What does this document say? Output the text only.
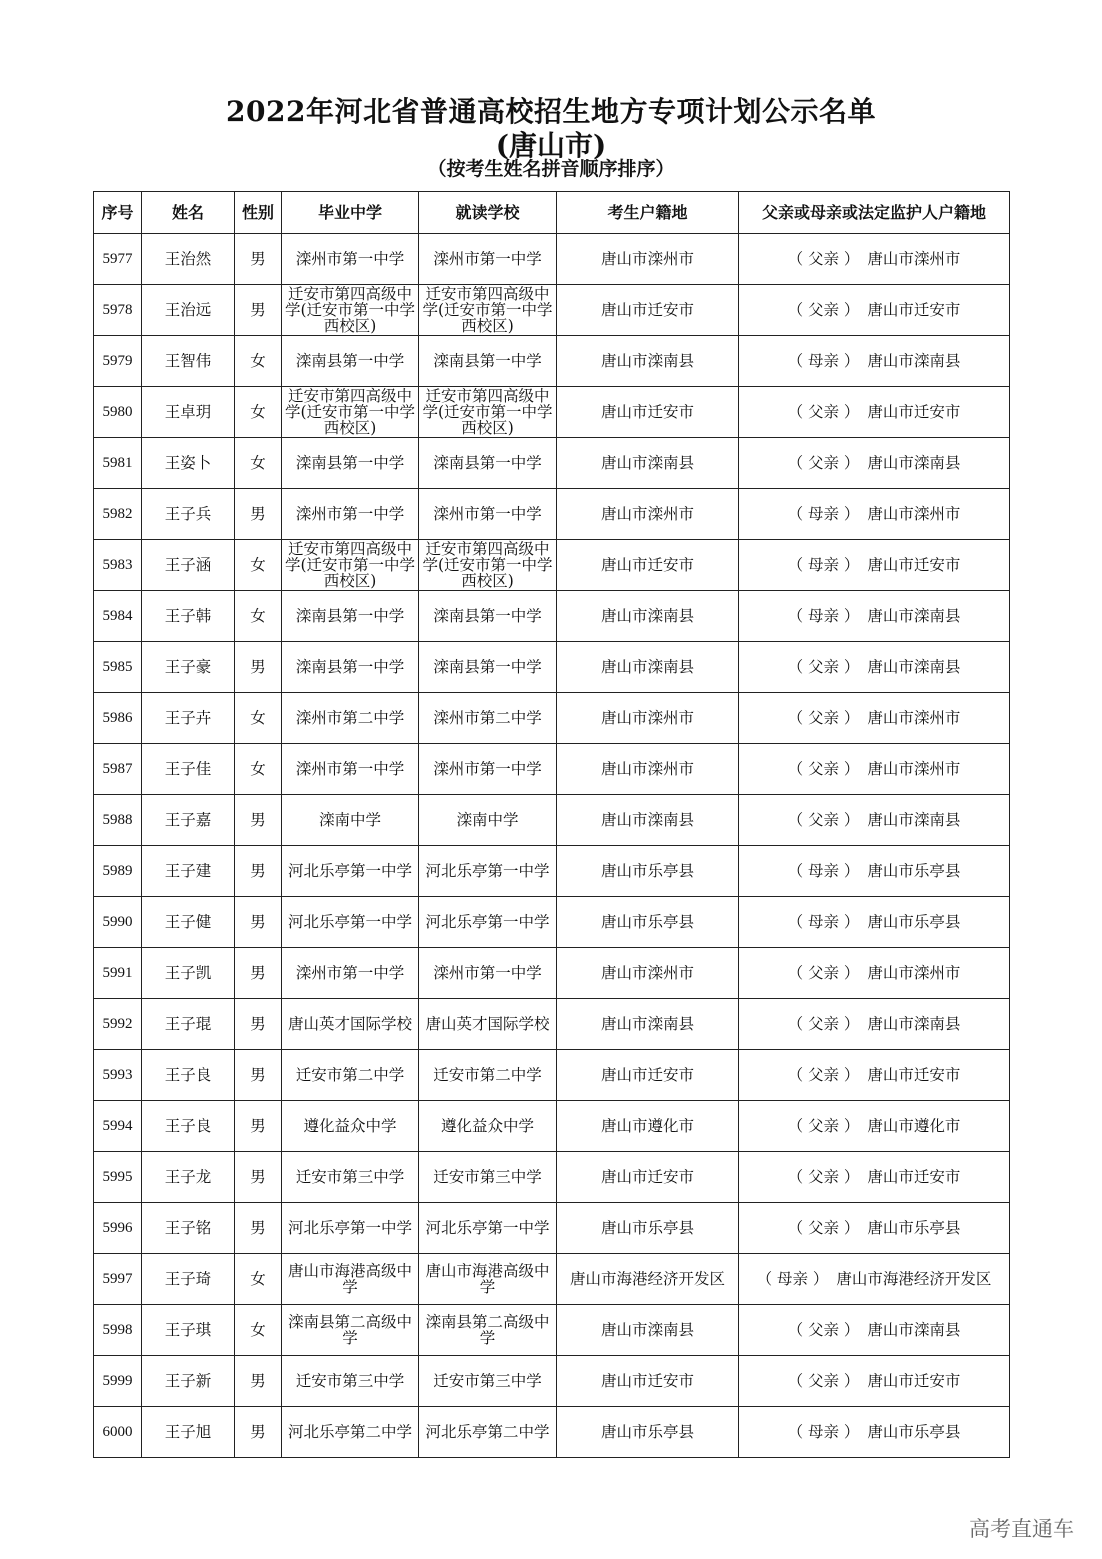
2022年河北省普通高校招生地方专项计划公示名单
(唐山市)
（按考生姓名拼音顺序排序）
序号	姓名	性别	毕业中学	就读学校	考生户籍地	父亲或母亲或法定监护人户籍地
5977	王治然	男	滦州市第一中学	滦州市第一中学	唐山市滦州市	（ 父亲 ） 唐山市滦州市
5978	王治远	男	迁安市第四高级中学(迁安市第一中学西校区)	迁安市第四高级中学(迁安市第一中学西校区)	唐山市迁安市	（ 父亲 ） 唐山市迁安市
5979	王智伟	女	滦南县第一中学	滦南县第一中学	唐山市滦南县	（ 母亲 ） 唐山市滦南县
5980	王卓玥	女	迁安市第四高级中学(迁安市第一中学西校区)	迁安市第四高级中学(迁安市第一中学西校区)	唐山市迁安市	（ 父亲 ） 唐山市迁安市
5981	王姿卜	女	滦南县第一中学	滦南县第一中学	唐山市滦南县	（ 父亲 ） 唐山市滦南县
5982	王子兵	男	滦州市第一中学	滦州市第一中学	唐山市滦州市	（ 母亲 ） 唐山市滦州市
5983	王子涵	女	迁安市第四高级中学(迁安市第一中学西校区)	迁安市第四高级中学(迁安市第一中学西校区)	唐山市迁安市	（ 母亲 ） 唐山市迁安市
5984	王子韩	女	滦南县第一中学	滦南县第一中学	唐山市滦南县	（ 母亲 ） 唐山市滦南县
5985	王子豪	男	滦南县第一中学	滦南县第一中学	唐山市滦南县	（ 父亲 ） 唐山市滦南县
5986	王子卉	女	滦州市第二中学	滦州市第二中学	唐山市滦州市	（ 父亲 ） 唐山市滦州市
5987	王子佳	女	滦州市第一中学	滦州市第一中学	唐山市滦州市	（ 父亲 ） 唐山市滦州市
5988	王子嘉	男	滦南中学	滦南中学	唐山市滦南县	（ 父亲 ） 唐山市滦南县
5989	王子建	男	河北乐亭第一中学	河北乐亭第一中学	唐山市乐亭县	（ 母亲 ） 唐山市乐亭县
5990	王子健	男	河北乐亭第一中学	河北乐亭第一中学	唐山市乐亭县	（ 母亲 ） 唐山市乐亭县
5991	王子凯	男	滦州市第一中学	滦州市第一中学	唐山市滦州市	（ 父亲 ） 唐山市滦州市
5992	王子琨	男	唐山英才国际学校	唐山英才国际学校	唐山市滦南县	（ 父亲 ） 唐山市滦南县
5993	王子良	男	迁安市第二中学	迁安市第二中学	唐山市迁安市	（ 父亲 ） 唐山市迁安市
5994	王子良	男	遵化益众中学	遵化益众中学	唐山市遵化市	（ 父亲 ） 唐山市遵化市
5995	王子龙	男	迁安市第三中学	迁安市第三中学	唐山市迁安市	（ 父亲 ） 唐山市迁安市
5996	王子铭	男	河北乐亭第一中学	河北乐亭第一中学	唐山市乐亭县	（ 父亲 ） 唐山市乐亭县
5997	王子琦	女	唐山市海港高级中学	唐山市海港高级中学	唐山市海港经济开发区	（ 母亲 ） 唐山市海港经济开发区
5998	王子琪	女	滦南县第二高级中学	滦南县第二高级中学	唐山市滦南县	（ 父亲 ） 唐山市滦南县
5999	王子新	男	迁安市第三中学	迁安市第三中学	唐山市迁安市	（ 父亲 ） 唐山市迁安市
6000	王子旭	男	河北乐亭第二中学	河北乐亭第二中学	唐山市乐亭县	（ 母亲 ） 唐山市乐亭县
高考直通车
